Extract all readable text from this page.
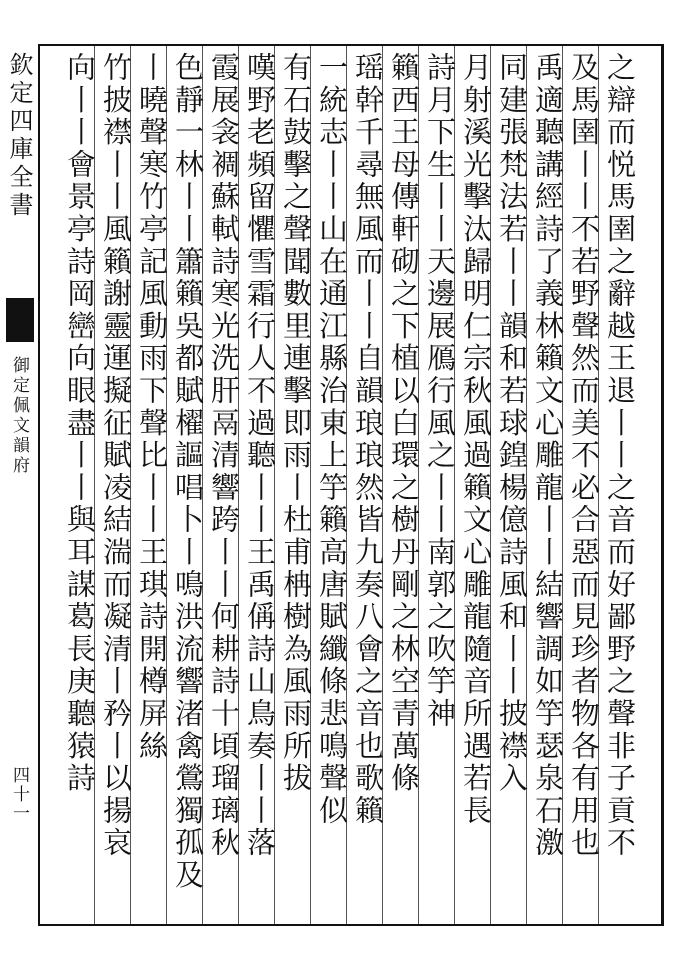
欽定四庫全書
御定佩文韻府
四十一	之辯而悦馬圉之辭越王退丨丨之音而好鄙野之聲非子貢不
及馬圉丨丨不若野聲然而美不必合惡而見珍者物各有用也
禹適聽講經詩了義林籟文心雕龍丨丨結響調如竽瑟泉石激
同建張梵法若丨丨韻和若球鍠楊億詩風和丨丨披襟入
月射溪光擊汰歸明仁宗秋風過籟文心雕龍隨音所遇若長
詩月下生丨丨天邊展鴈行風之丨丨南郭之吹竽神
籟西王母傳軒砌之下植以白環之樹丹剛之林空青萬條
瑶幹千尋無風而丨丨自韻琅琅然皆九奏八會之音也歌籟
一統志丨丨山在通江縣治東上竽籟高唐賦纖條悲鳴聲似
有石鼓擊之聲聞數里連擊即雨丨杜甫柟樹為風雨所拔
嘆野老頻留懼雪霜行人不過聽丨丨王禹偁詩山鳥奏丨丨落
霞展衾裯蘇軾詩寒光洗肝鬲清響跨丨丨何耕詩十頃瑠璃秋
色靜一林丨丨簫籟吳都賦櫂謳唱卜丨鳴洪流響渚禽鶯獨孤及
丨曉聲寒竹亭記風動雨下聲比丨丨王琪詩開樽屏絲
竹披襟丨丨風籟謝靈運擬征賦凌結湍而凝清丨矜丨以揚哀
向丨丨會景亭詩岡巒向眼盡丨丨與耳謀葛長庚聽猿詩
